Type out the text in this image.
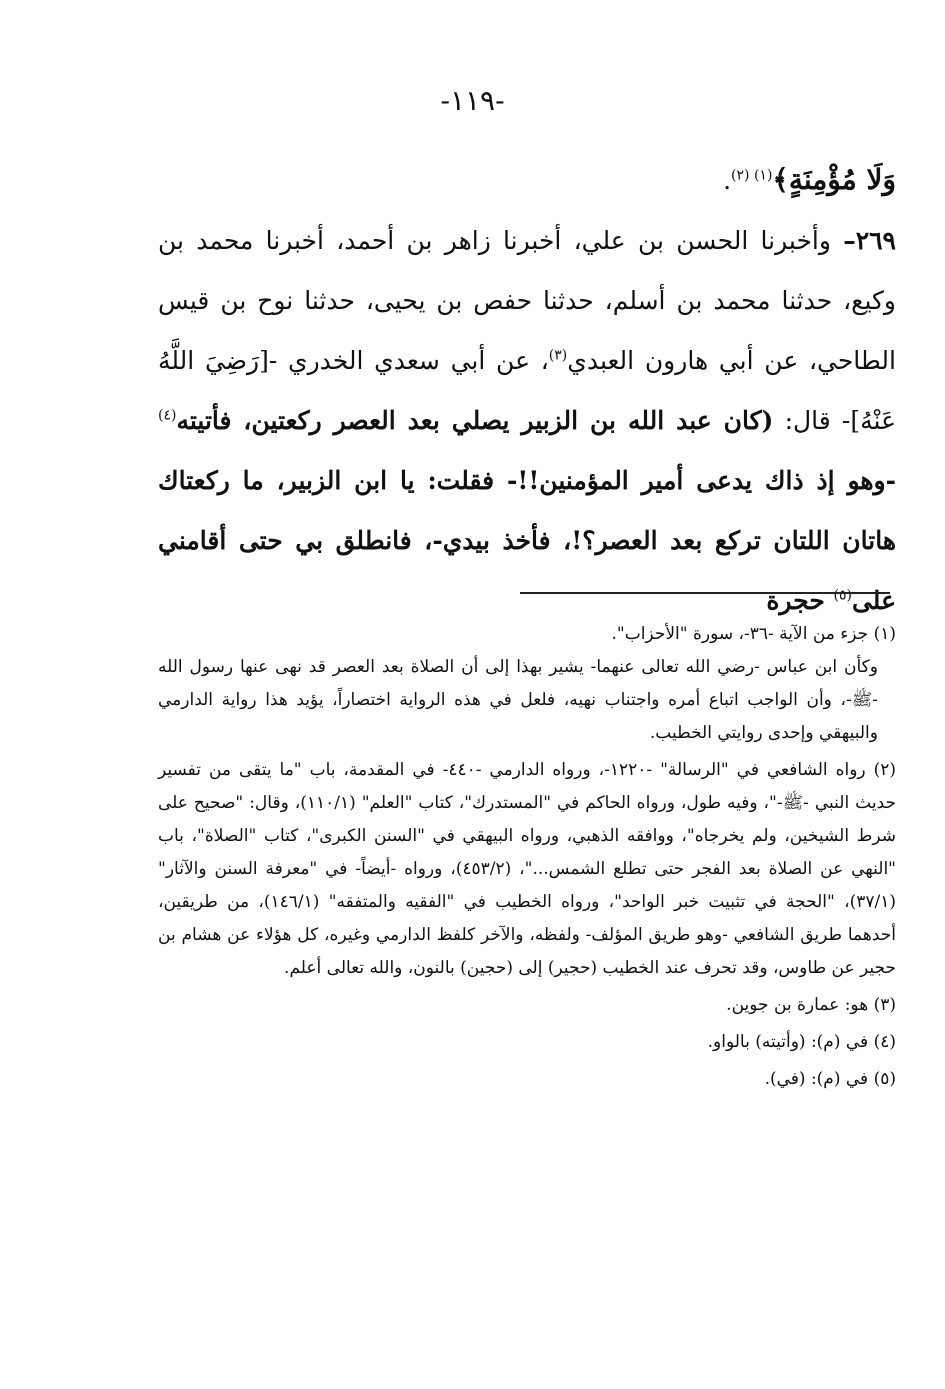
-١١٩-

وَلَا مُؤْمِنَةٍ﴾$^{(١) (٢)}$.

٢٦٩– وأخبرنا الحسن بن علي، أخبرنا زاهر بن أحمد، أخبرنا محمد بن وكيع، حدثنا محمد بن أسلم، حدثنا حفص بن يحيى، حدثنا نوح بن قيس الطاحي، عن أبي هارون العبدي$^{(٣)}$، عن أبي سعدي الخدري -[رَضِيَ اللَّهُ عَنْهُ]- قال: (كان عبد الله بن الزبير يصلي بعد العصر ركعتين، فأتيته$^{(٤)}$ -وهو إذ ذاك يدعى أمير المؤمنين!!- فقلت: يا ابن الزبير، ما ركعتاك هاتان اللتان تركع بعد العصر؟!، فأخذ بيدي-، فانطلق بي حتى أقامني على$^{(٥)}$ حجرة

(١) جزء من الآية -٣٦-، سورة "الأحزاب".

وكأن ابن عباس -رضي الله تعالى عنهما- يشير بهذا إلى أن الصلاة بعد العصر قد نهى عنها رسول الله -ﷺ-، وأن الواجب اتباع أمره واجتناب نهيه، فلعل في هذه الرواية اختصاراً، يؤيد هذا رواية الدارمي والبيهقي وإحدى روايتي الخطيب.

(٢) رواه الشافعي في "الرسالة" -١٢٢٠-، ورواه الدارمي -٤٤٠- في المقدمة، باب "ما يتقى من تفسير حديث النبي -ﷺ-"، وفيه طول، ورواه الحاكم في "المستدرك"، كتاب "العلم" (١١٠/١)، وقال: "صحيح على شرط الشيخين، ولم يخرجاه"، ووافقه الذهبي، ورواه البيهقي في "السنن الكبرى"، كتاب "الصلاة"، باب "النهي عن الصلاة بعد الفجر حتى تطلع الشمس..."، (٤٥٣/٢)، ورواه -أيضاً- في "معرفة السنن والآثار" (٣٧/١)، "الحجة في تثبيت خبر الواحد"، ورواه الخطيب في "الفقيه والمتفقه" (١٤٦/١)، من طريقين، أحدهما طريق الشافعي -وهو طريق المؤلف- ولفظه، والآخر كلفظ الدارمي وغيره، كل هؤلاء عن هشام بن حجير عن طاوس، وقد تحرف عند الخطيب (حجير) إلى (حجين) بالنون، والله تعالى أعلم.
(٣) هو: عمارة بن جوين.
(٤) في (م): (وأتيته) بالواو.
(٥) في (م): (في).
